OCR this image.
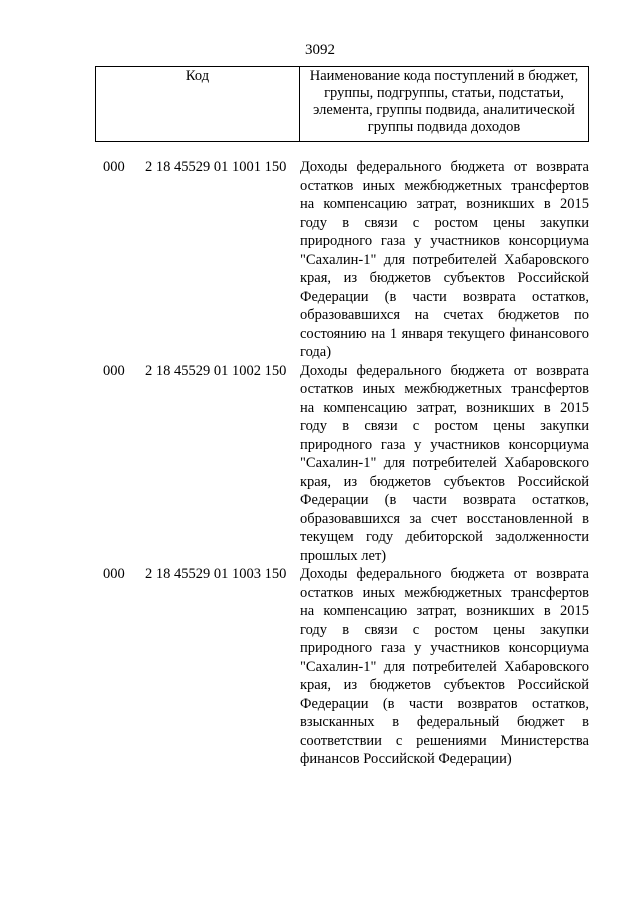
3092
Код	Наименование кода поступлений в бюджет, группы, подгруппы, статьи, подстатьи, элемента, группы подвида, аналитической группы подвида доходов
000 2 18 45529 01 1001 150 Доходы федерального бюджета от возврата остатков иных межбюджетных трансфертов на компенсацию затрат, возникших в 2015 году в связи с ростом цены закупки природного газа у участников консорциума "Сахалин-1" для потребителей Хабаровского края, из бюджетов субъектов Российской Федерации (в части возврата остатков, образовавшихся на счетах бюджетов по состоянию на 1 января текущего финансового года)
000 2 18 45529 01 1002 150 Доходы федерального бюджета от возврата остатков иных межбюджетных трансфертов на компенсацию затрат, возникших в 2015 году в связи с ростом цены закупки природного газа у участников консорциума "Сахалин-1" для потребителей Хабаровского края, из бюджетов субъектов Российской Федерации (в части возврата остатков, образовавшихся за счет восстановленной в текущем году дебиторской задолженности прошлых лет)
000 2 18 45529 01 1003 150 Доходы федерального бюджета от возврата остатков иных межбюджетных трансфертов на компенсацию затрат, возникших в 2015 году в связи с ростом цены закупки природного газа у участников консорциума "Сахалин-1" для потребителей Хабаровского края, из бюджетов субъектов Российской Федерации (в части возвратов остатков, взысканных в федеральный бюджет в соответствии с решениями Министерства финансов Российской Федерации)
